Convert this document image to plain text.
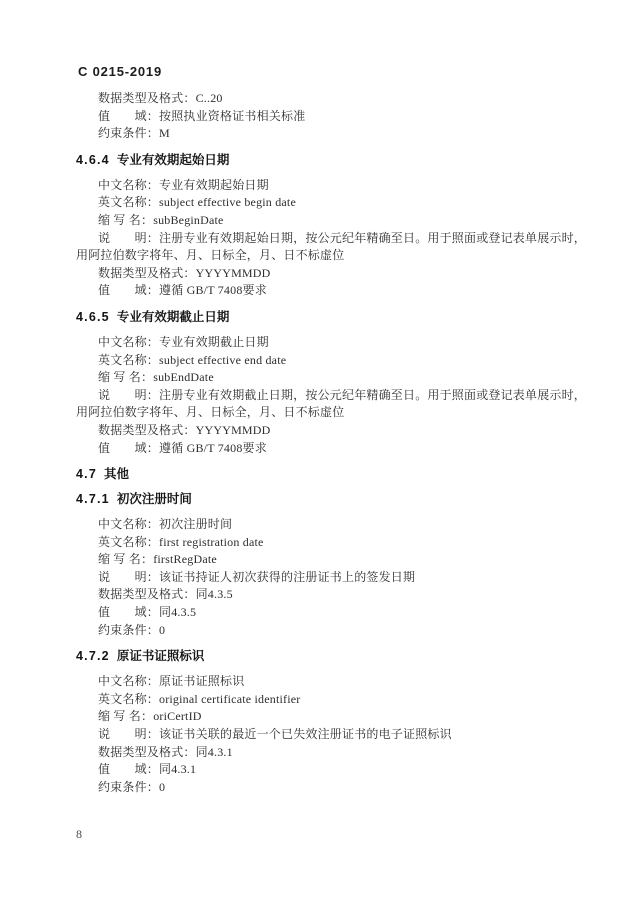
C 0215-2019

数据类型及格式：C..20

值　　域：按照执业资格证书相关标准

约束条件：M

4.6.4 专业有效期起始日期

中文名称：专业有效期起始日期

英文名称：subject effective begin date

缩 写 名：subBeginDate

说　　明：注册专业有效期起始日期，按公元纪年精确至日。用于照面或登记表单展示时，用阿拉伯数字将年、月、日标全，月、日不标虚位

数据类型及格式：YYYYMMDD

值　　域：遵循 GB/T 7408要求

4.6.5 专业有效期截止日期

中文名称：专业有效期截止日期

英文名称：subject effective end date

缩 写 名：subEndDate

说　　明：注册专业有效期截止日期，按公元纪年精确至日。用于照面或登记表单展示时，用阿拉伯数字将年、月、日标全，月、日不标虚位

数据类型及格式：YYYYMMDD

值　　域：遵循 GB/T 7408要求

4.7 其他
4.7.1 初次注册时间

中文名称：初次注册时间

英文名称：first registration date

缩 写 名：firstRegDate

说　　明：该证书持证人初次获得的注册证书上的签发日期

数据类型及格式：同4.3.5

值　　域：同4.3.5

约束条件：0

4.7.2 原证书证照标识

中文名称：原证书证照标识

英文名称：original certificate identifier

缩 写 名：oriCertID

说　　明：该证书关联的最近一个已失效注册证书的电子证照标识

数据类型及格式：同4.3.1

值　　域：同4.3.1

约束条件：0

8
